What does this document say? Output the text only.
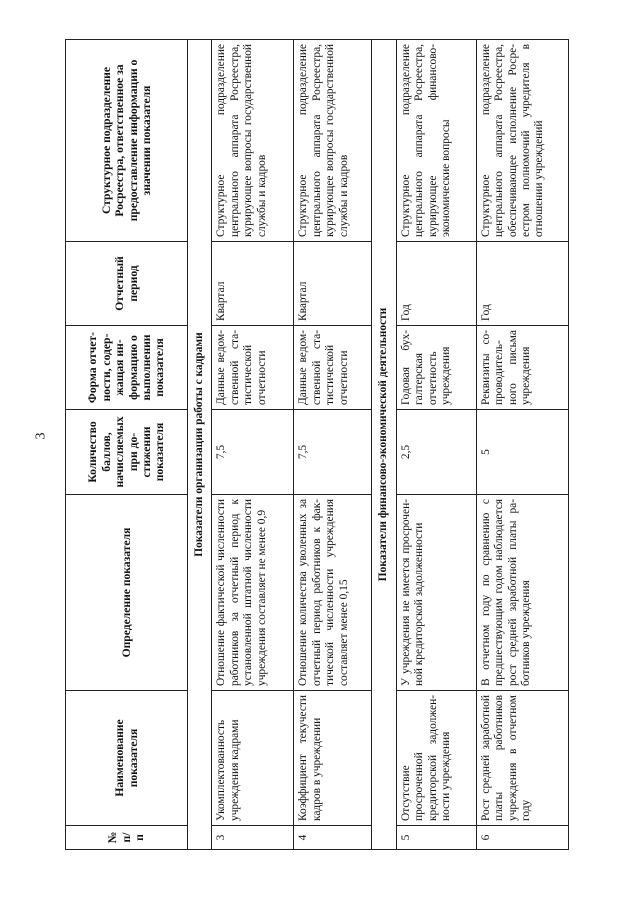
3
№ п/п	Наименование показателя	Определение показателя	Количество баллов, начисляемых при достижении показателя	Форма отчетности, содержащая информацию о выполнении показателя	Отчетный период	Структурное подразделение Росреестра, ответственное за предоставление информации о значении показателя
Показатели организации работы с кадрами						
3	Укомплектованность учреждения кадрами	Отношение фактической численности работников за отчетный период к установленной штатной численности учреждения составляет не менее 0,9	7,5	Данные ведомственной статистической отчетности	Квартал	Структурное подразделение центрального аппарата Росреестра, курирующее вопросы государственной службы и кадров
4	Коэффициент текучести кадров в учреждении	Отношение количества уволенных за отчетный период работников к фактической численности учреждения составляет менее 0,15	7,5	Данные ведомственной статистической отчетности	Квартал	Структурное подразделение центрального аппарата Росреестра, курирующее вопросы государственной службы и кадров
Показатели финансово-экономической деятельности						
5	Отсутствие просроченной кредиторской задолженности учреждения	У учреждения не имеется просроченной кредиторской задолженности	2,5	Годовая бухгалтерская отчетность учреждения	Год	Структурное подразделение центрального аппарата Росреестра, курирующее финансово-экономические вопросы
6	Рост средней заработной платы работников учреждения в отчетном году	В отчетном году по сравнению с предшествующим годом наблюдается рост средней заработной платы работников учреждения	5	Реквизиты сопроводительного письма учреждения	Год	Структурное подразделение центрального аппарата Росреестра, обеспечивающее исполнение Росреестром полномочий учредителя в отношении учреждений
